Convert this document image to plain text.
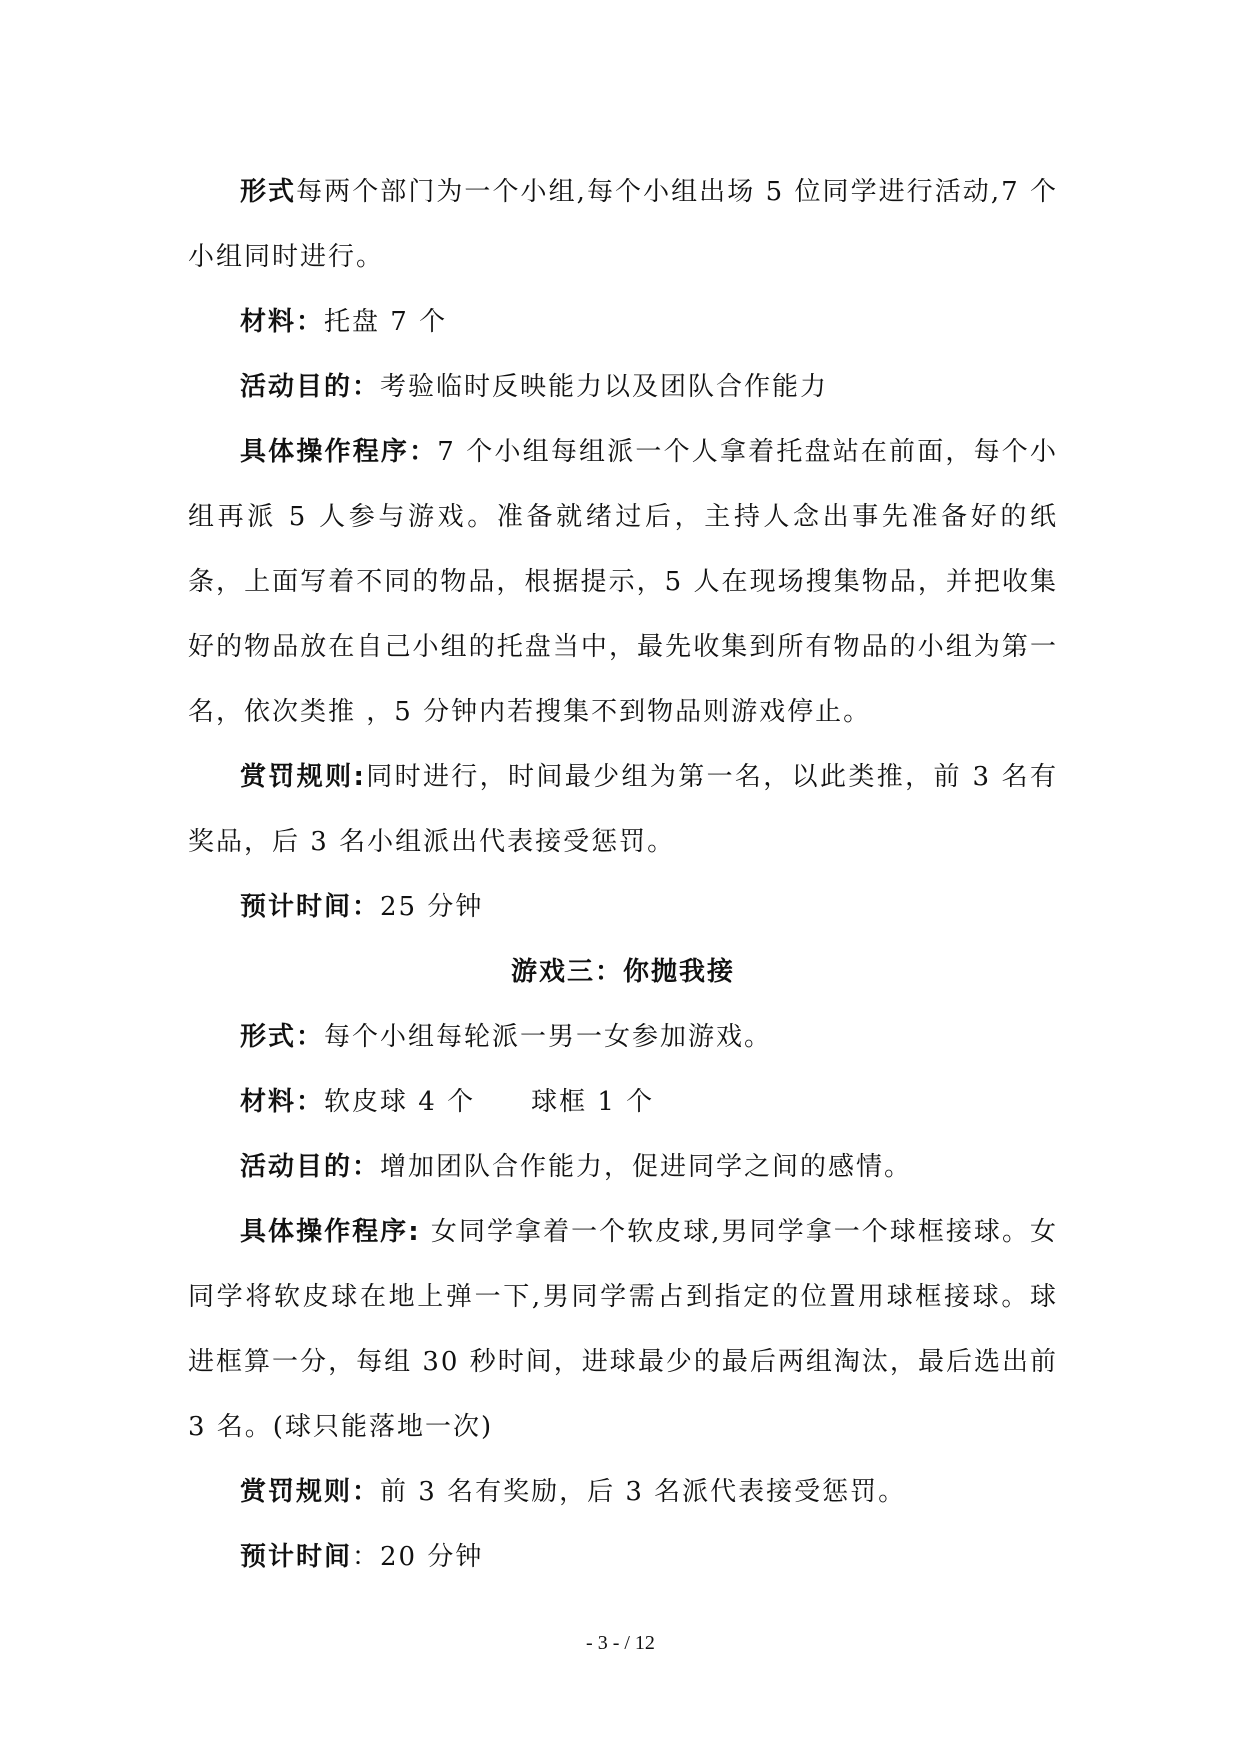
形式每两个部门为一个小组,每个小组出场 5 位同学进行活动,7 个小组同时进行。

材料：托盘 7 个

活动目的：考验临时反映能力以及团队合作能力

具体操作程序：7 个小组每组派一个人拿着托盘站在前面，每个小组再派 5 人参与游戏。准备就绪过后，主持人念出事先准备好的纸条，上面写着不同的物品，根据提示，5 人在现场搜集物品，并把收集好的物品放在自己小组的托盘当中，最先收集到所有物品的小组为第一名，依次类推 ，5 分钟内若搜集不到物品则游戏停止。

赏罚规则:同时进行，时间最少组为第一名，以此类推，前 3 名有奖品，后 3 名小组派出代表接受惩罚。

预计时间：25 分钟

游戏三：你抛我接

形式：每个小组每轮派一男一女参加游戏。

材料：软皮球 4 个　　球框 1 个

活动目的：增加团队合作能力，促进同学之间的感情。

具体操作程序: 女同学拿着一个软皮球,男同学拿一个球框接球。女同学将软皮球在地上弹一下,男同学需占到指定的位置用球框接球。球进框算一分，每组 30 秒时间，进球最少的最后两组淘汰，最后选出前 3 名。(球只能落地一次)

赏罚规则：前 3 名有奖励，后 3 名派代表接受惩罚。

预计时间：20 分钟

- 3 - / 12
